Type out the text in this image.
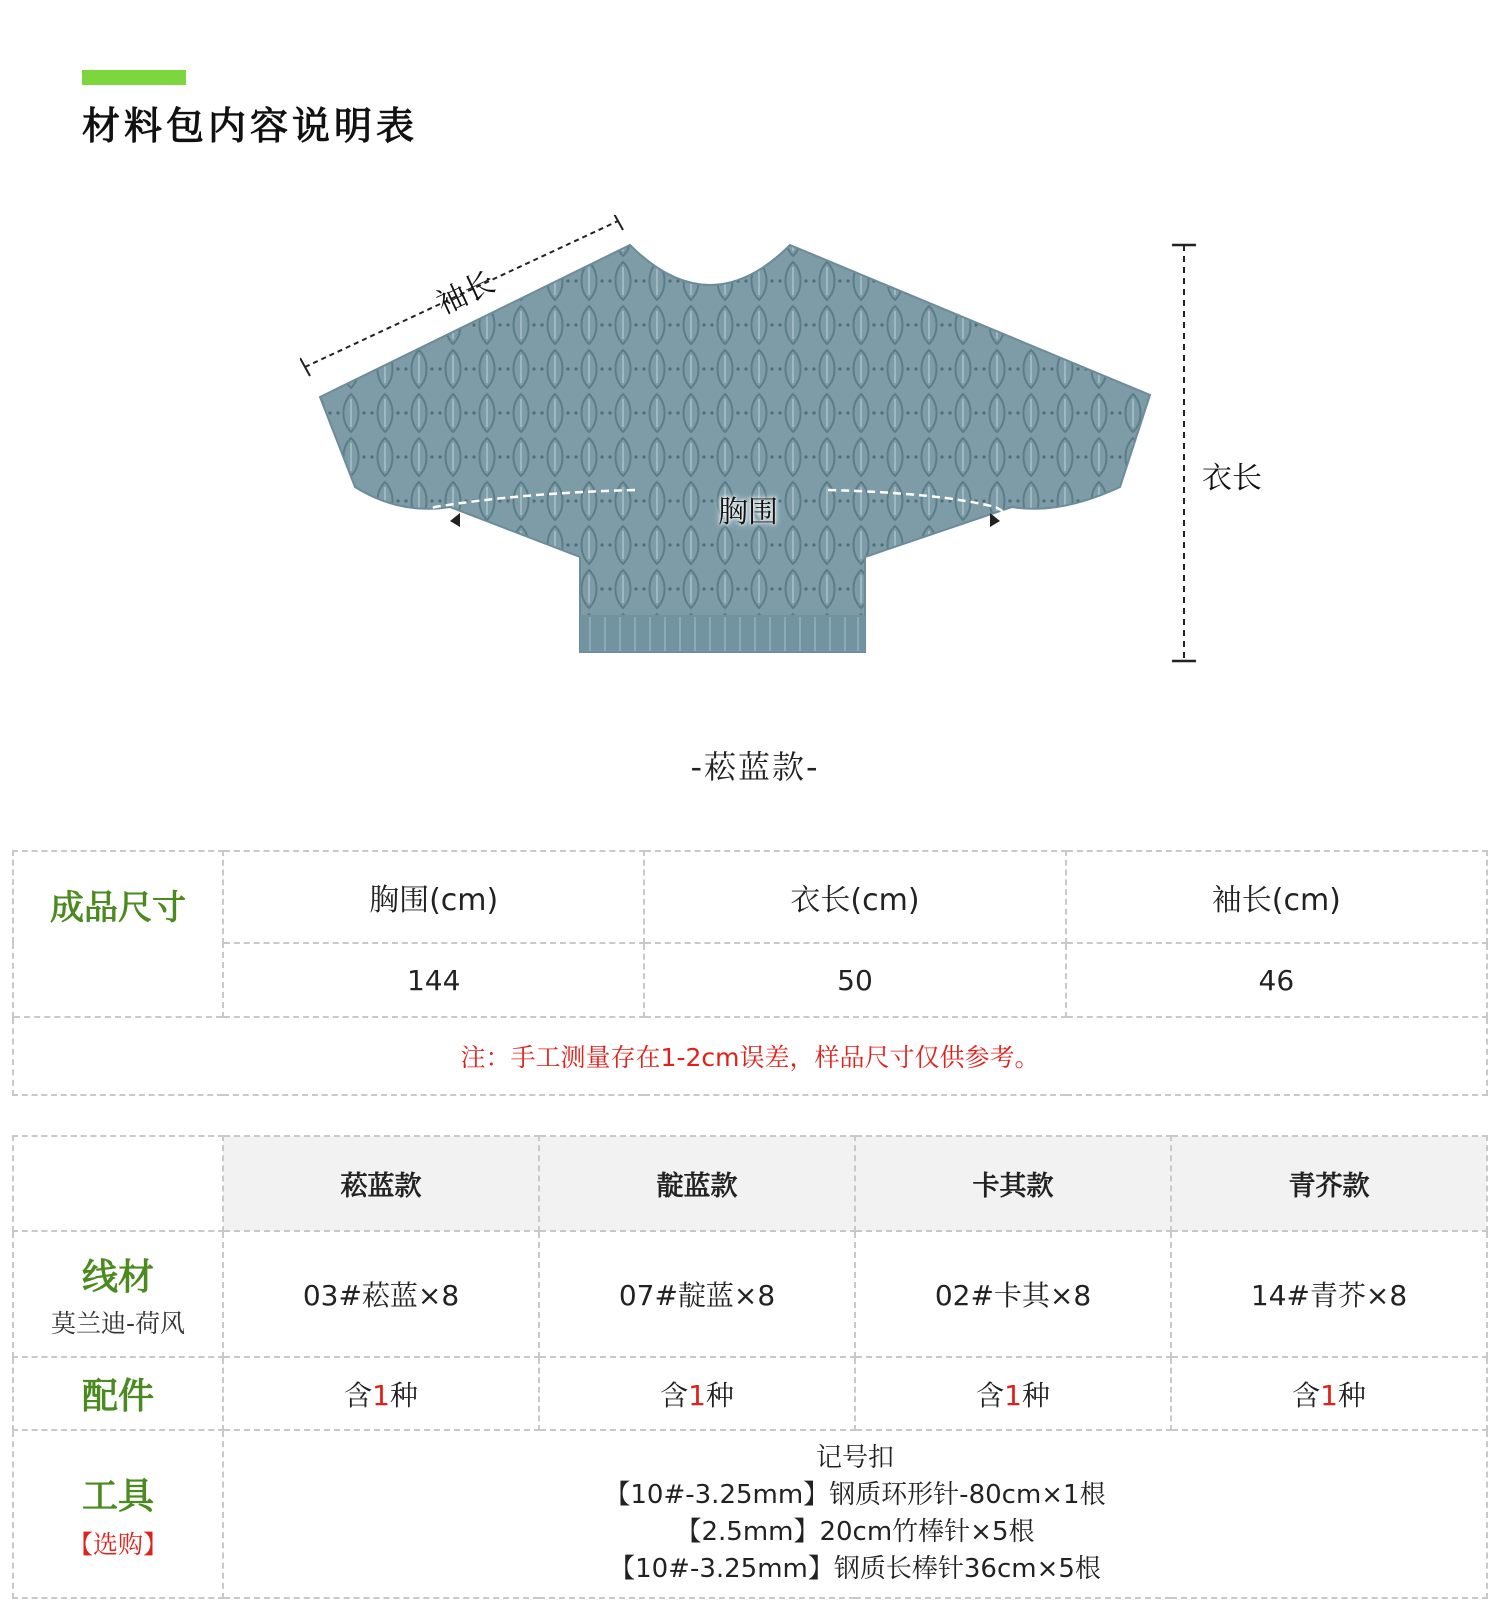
材料包内容说明表
袖长
衣长
胸围
-菘蓝款-
成品尺寸	胸围(cm)	衣长(cm)	袖长(cm)
	144	50	46
注：手工测量存在1-2cm误差，样品尺寸仅供参考。			
	菘蓝款	靛蓝款	卡其款	青芥款

线材
莫兰迪-荷风	03#菘蓝×8	07#靛蓝×8	02#卡其×8	14#青芥×8

配件	含1种	含1种	含1种	含1种

工具
【选购】	记号扣
【10#-3.25mm】钢质环形针-80cm×1根
【2.5mm】20cm竹棒针×5根
【10#-3.25mm】钢质长棒针36cm×5根			
